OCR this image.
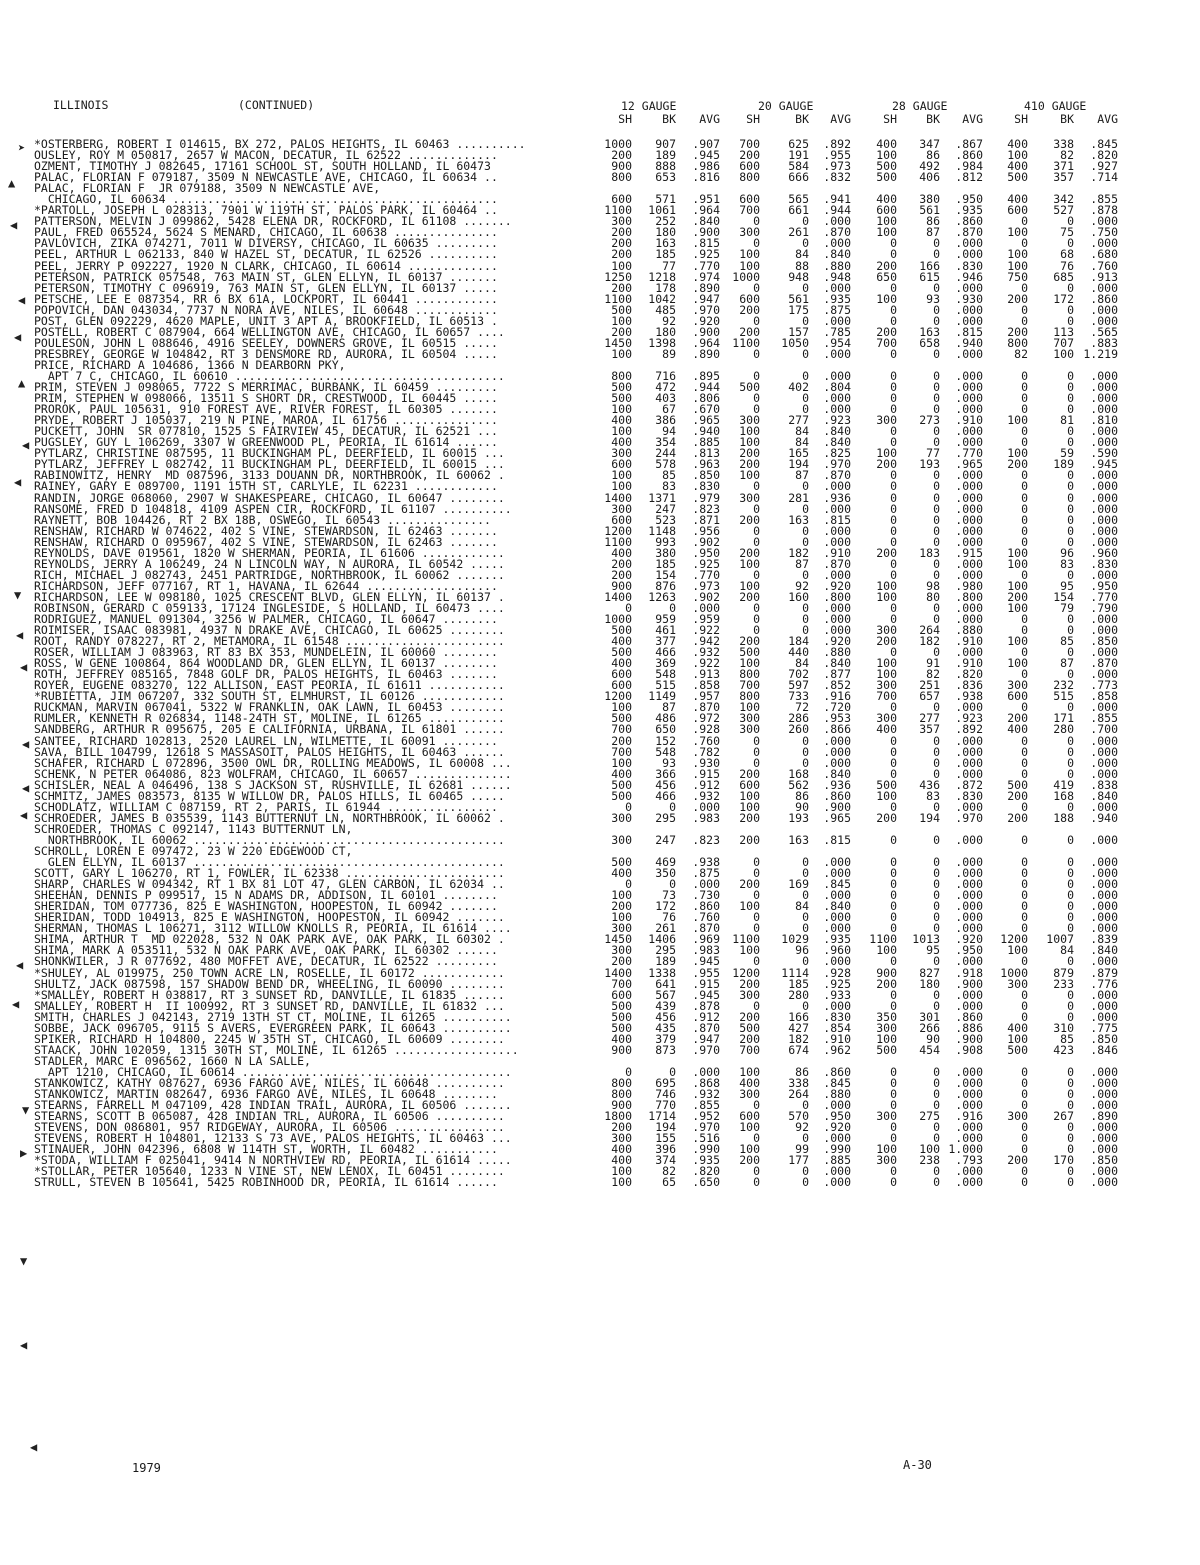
ILLINOIS	(CONTINUED)	12 GAUGE	20 GAUGE	28 GAUGE	410 GAUGE
SH	BK AVG	SH	BK AVG	SH	BK AVG	SH	BK AVG
*OSTERBERG, ROBERT I 014615, BX 272, PALOS HEIGHTS, IL 60463 ..........	1000 907 .907 700 625 .892 400 347 .867 400 338 .845
OUSLEY, ROY M 050817, 2657 W MACON, DECATUR, IL 62522 .............	200 189 .945 200 191 .955 100	86 .860 100	82 .820
OZMENT, TIMOTHY J 082645, 17161 SCHOOL ST, SOUTH HOLLAND, IL 60473	900 888 .986 600 584 .973 500 492 .984 400 371 .927
PALAC, FLORIAN F 079187, 3509 N NEWCASTLE AVE, CHICAGO, IL 60634 ..	800 653 .816 800 666 .832 500 406 .812 500 357 .714
PALAC, FLORIAN F  JR 079188, 3509 N NEWCASTLE AVE,
CHICAGO, IL 60634 ...............................................	600 571 .951 600 565 .941 400 380 .950 400 342 .855
*PARTOLL, JOSEPH L 028313, 7901 W 119TH ST, PALOS PARK, IL 60464 ..	1100 1061 .964 700 661 .944 600 561 .935 600 527 .878
PATTERSON, MELVIN J 099862, 5428 ELENA DR, ROCKFORD, IL 61108 .......	300 252 .840	0	0 .000 100	86 .860	0	0 .000
PAUL, FRED 065524, 5624 S MENARD, CHICAGO, IL 60638 ...............	200 180 .900 300 261 .870 100	87 .870 100	75 .750
PAVLOVICH, ZIKA 074271, 7011 W DIVERSY, CHICAGO, IL 60635 .........	200 163 .815	0	0 .000	0	0 .000	0	0 .000
PEEL, ARTHUR L 062133, 840 W HAZEL ST, DECATUR, IL 62526 ..........	200 185 .925 100	84 .840	0	0 .000 100	68 .680
PEEL, JERRY P 092227, 1920 N CLARK, CHICAGO, IL 60614 .............	100	77 .770 100	88 .880 200 166 .830 100	76 .760
PETERSON, PATRICK 057548, 763 MAIN ST, GLEN ELLYN, IL 60137 .......	1250 1218 .974 1000 948 .948 650 615 .946 750 685 .913
PETERSON, TIMOTHY C 096919, 763 MAIN ST, GLEN ELLYN, IL 60137 .....	200 178 .890	0	0 .000	0	0 .000	0	0 .000
PETSCHE, LEE E 087354, RR 6 BX 61A, LOCKPORT, IL 60441 ............	1100 1042 .947 600 561 .935 100	93 .930 200 172 .860
POPOVICH, DAN 043034, 7737 N NORA AVE, NILES, IL 60648 ............	500 485 .970 200 175 .875	0	0 .000	0	0 .000
POST, GLEN 092229, 4620 MAPLE, UNIT 3 APT A, BROOKFIELD, IL 60513 .	100	92 .920	0	0 .000	0	0 .000	0	0 .000
POSTELL, ROBERT C 087904, 664 WELLINGTON AVE, CHICAGO, IL 60657 ....	200 180 .900 200 157 .785 200 163 .815 200 113 .565
POULESON, JOHN L 088646, 4916 SEELEY, DOWNERS GROVE, IL 60515 .....	1450 1398 .964 1100 1050 .954 700 658 .940 800 707 .883
PRESBREY, GEORGE W 104842, RT 3 DENSMORE RD, AURORA, IL 60504 .....	100	89 .890	0	0 .000	0	0 .000	82 100 1.219
PRICE, RICHARD A 104686, 1366 N DEARBORN PKY,
APT 7 C, CHICAGO, IL 60610 .......................................	800 716 .895	0	0 .000	0	0 .000	0	0 .000
PRIM, STEVEN J 098065, 7722 S MERRIMAC, BURBANK, IL 60459 .........	500 472 .944 500 402 .804	0	0 .000	0	0 .000
PRIM, STEPHEN W 098066, 13511 S SHORT DR, CRESTWOOD, IL 60445 .....	500 403 .806	0	0 .000	0	0 .000	0	0 .000
PROROK, PAUL 105631, 910 FOREST AVE, RIVER FOREST, IL 60305 .......	100	67 .670	0	0 .000	0	0 .000	0	0 .000
PRYDE, ROBERT J 105037, 219 N PINE, MAROA, IL 61756 ...............	400 386 .965 300 277 .923 300 273 .910 100	81 .810
PUCKETT, JOHN  SR 077810, 1525 S FAIRVIEW 45, DECATUR, IL 62521 ...	100	94 .940 100	84 .840	0	0 .000	0	0 .000
PUGSLEY, GUY L 106269, 3307 W GREENWOOD PL, PEORIA, IL 61614 ......	400 354 .885 100	84 .840	0	0 .000	0	0 .000
PYTLARZ, CHRISTINE 087595, 11 BUCKINGHAM PL, DEERFIELD, IL 60015 ...	300 244 .813 200 165 .825 100	77 .770 100	59 .590
PYTLARZ, JEFFREY L 082742, 11 BUCKINGHAM PL, DEERFIELD, IL 60015 ...	600 578 .963 200 194 .970 200 193 .965 200 189 .945
RABINOWITZ, HENRY  MD 087596, 3133 DOUANN DR, NORTHBROOK, IL 60062 .	100	85 .850 100	87 .870	0	0 .000	0	0 .000
RAINEY, GARY E 089700, 1191 15TH ST, CARLYLE, IL 62231 ............	100	83 .830	0	0 .000	0	0 .000	0	0 .000
RANDIN, JORGE 068060, 2907 W SHAKESPEARE, CHICAGO, IL 60647 ........	1400 1371 .979 300 281 .936	0	0 .000	0	0 .000
RANSOME, FRED D 104818, 4109 ASPEN CIR, ROCKFORD, IL 61107 ..........	300 247 .823	0	0 .000	0	0 .000	0	0 .000
RAYNETT, BOB 104426, RT 2 BX 18B, OSWEGO, IL 60543 ...............	600 523 .871 200 163 .815	0	0 .000	0	0 .000
RENSHAW, RICHARD W 074622, 402 S VINE, STEWARDSON, IL 62463 .......	1200 1148 .956	0	0 .000	0	0 .000	0	0 .000
RENSHAW, RICHARD O 095967, 402 S VINE, STEWARDSON, IL 62463 .......	1100 993 .902	0	0 .000	0	0 .000	0	0 .000
REYNOLDS, DAVE 019561, 1820 W SHERMAN, PEORIA, IL 61606 ............	400 380 .950 200 182 .910 200 183 .915 100	96 .960
REYNOLDS, JERRY A 106249, 24 N LINCOLN WAY, N AURORA, IL 60542 .....	200 185 .925 100	87 .870	0	0 .000 100	83 .830
RICH, MICHAEL J 082743, 2451 PARTRIDGE, NORTHBROOK, IL 60062 .......	200 154 .770	0	0 .000	0	0 .000	0	0 .000
RICHARDSON, JEFF 077167, RT 1, HAVANA, IL 62644 ...................	900 876 .973 100	92 .920 100	98 .980 100	95 .950
RICHARDSON, LEE W 098180, 1025 CRESCENT BLVD, GLEN ELLYN, IL 60137 .	1400 1263 .902 200 160 .800 100	80 .800 200 154 .770
ROBINSON, GERARD C 059133, 17124 INGLESIDE, S HOLLAND, IL 60473 ....	0	0 .000	0	0 .000	0	0 .000 100	79 .790
RODRIGUEZ, MANUEL 091304, 3256 W PALMER, CHICAGO, IL 60647 ........	1000 959 .959	0	0 .000	0	0 .000	0	0 .000
ROIMISER, ISAAC 083981, 4937 N DRAKE AVE, CHICAGO, IL 60625 ........	500 461 .922	0	0 .000 300 264 .880	0	0 .000
ROOT, RANDY 078227, RT 2, METAMORA, IL 61548 .......................	400 377 .942 200 184 .920 200 182 .910 100	85 .850
ROSER, WILLIAM J 083963, RT 83 BX 353, MUNDELEIN, IL 60060 ........	500 466 .932 500 440 .880	0	0 .000	0	0 .000
ROSS, W GENE 100864, 864 WOODLAND DR, GLEN ELLYN, IL 60137 ........	400 369 .922 100	84 .840 100	91 .910 100	87 .870
ROTH, JEFFREY 085165, 7848 GOLF DR, PALOS HEIGHTS, IL 60463 .......	600 548 .913 800 702 .877 100	82 .820	0	0 .000
ROYER, EUGENE 083270, 122 ALLISON, EAST PEORIA, IL 61611 ...........	600 515 .858 700 597 .852 300 251 .836 300 232 .773
*RUBIETTA, JIM 067207, 332 SOUTH ST, ELMHURST, IL 60126 ............	1200 1149 .957 800 733 .916 700 657 .938 600 515 .858
RUCKMAN, MARVIN 067041, 5322 W FRANKLIN, OAK LAWN, IL 60453 ........	100	87 .870 100	72 .720	0	0 .000	0	0 .000
RUMLER, KENNETH R 026834, 1148-24TH ST, MOLINE, IL 61265 ...........	500 486 .972 300 286 .953 300 277 .923 200 171 .855
SANDBERG, ARTHUR R 095675, 205 E CALIFORNIA, URBANA, IL 61801 ......	700 650 .928 300 260 .866 400 357 .892 400 280 .700
SANTEE, RICHARD 102813, 2520 LAUREL LN, WILMETTE, IL 60091 ........	200 152 .760	0	0 .000	0	0 .000	0	0 .000
SAVA, BILL 104799, 12618 S MASSASOIT, PALOS HEIGHTS, IL 60463 ......	700 548 .782	0	0 .000	0	0 .000	0	0 .000
SCHAFER, RICHARD L 072896, 3500 OWL DR, ROLLING MEADOWS, IL 60008 ...	100	93 .930	0	0 .000	0	0 .000	0	0 .000
SCHENK, N PETER 064086, 823 WOLFRAM, CHICAGO, IL 60657 ..............	400 366 .915 200 168 .840	0	0 .000	0	0 .000
SCHISLER, NEAL A 046496, 138 S JACKSON ST, RUSHVILLE, IL 62681 ......	500 456 .912 600 562 .936 500 436 .872 500 419 .838
SCHMITZ, JAMES 083573, 8135 W WILLOW DR, PALOS HILLS, IL 60465 .....	500 466 .932 100	86 .860 100	83 .830 200 168 .840
SCHODLATZ, WILLIAM C 087159, RT 2, PARIS, IL 61944 ................	0	0 .000 100	90 .900	0	0 .000	0	0 .000
SCHROEDER, JAMES B 035539, 1143 BUTTERNUT LN, NORTHBROOK, IL 60062 .	300 295 .983 200 193 .965 200 194 .970 200 188 .940
SCHROEDER, THOMAS C 092147, 1143 BUTTERNUT LN,
NORTHBROOK, IL 60062 .............................................	300 247 .823 200 163 .815	0	0 .000	0	0 .000
SCHROLL, LOREN E 097472, 23 W 220 EDGEWOOD CT,
GLEN ELLYN, IL 60137 .............................................	500 469 .938	0	0 .000	0	0 .000	0	0 .000
SCOTT, GARY L 106270, RT 1, FOWLER, IL 62338 .......................	400 350 .875	0	0 .000	0	0 .000	0	0 .000
SHARP, CHARLES W 094342, RT 1 BX 81 LOT 47, GLEN CARBON, IL 62034 ..	0	0 .000 200 169 .845	0	0 .000	0	0 .000
SHEEHAN, DENNIS P 099517, 15 N ADAMS DR, ADDISON, IL 60101 ........	100	73 .730	0	0 .000	0	0 .000	0	0 .000
SHERIDAN, TOM 077736, 825 E WASHINGTON, HOOPESTON, IL 60942 .......	200 172 .860 100	84 .840	0	0 .000	0	0 .000
SHERIDAN, TODD 104913, 825 E WASHINGTON, HOOPESTON, IL 60942 .......	100	76 .760	0	0 .000	0	0 .000	0	0 .000
SHERMAN, THOMAS L 106271, 3112 WILLOW KNOLLS R, PEORIA, IL 61614 ....	300 261 .870	0	0 .000	0	0 .000	0	0 .000
SHIMA, ARTHUR T  MD 022028, 532 N OAK PARK AVE, OAK PARK, IL 60302 .	1450 1406 .969 1100 1029 .935 1100 1013 .920 1200 1007 .839
SHIMA, MARK A 053511, 532 N OAK PARK AVE, OAK PARK, IL 60302 ......	300 295 .983 100	96 .960 100	95 .950 100	84 .840
SHONKWILER, J R 077692, 480 MOFFET AVE, DECATUR, IL 62522 .........	200 189 .945	0	0 .000	0	0 .000	0	0 .000
*SHULEY, AL 019975, 250 TOWN ACRE LN, ROSELLE, IL 60172 ............	1400 1338 .955 1200 1114 .928 900 827 .918 1000 879 .879
SHULTZ, JACK 087598, 157 SHADOW BEND DR, WHEELING, IL 60090 ........	700 641 .915 200 185 .925 200 180 .900 300 233 .776
*SMALLEY, ROBERT H 038817, RT 3 SUNSET RD, DANVILLE, IL 61835 ......	600 567 .945 300 280 .933	0	0 .000	0	0 .000
SMALLEY, ROBERT H  II 100992, RT 3 SUNSET RD, DANVILLE, IL 61832 ...	500 439 .878	0	0 .000	0	0 .000	0	0 .000
SMITH, CHARLES J 042143, 2719 13TH ST CT, MOLINE, IL 61265 ..........	500 456 .912 200 166 .830 350 301 .860	0	0 .000
SOBBE, JACK 096705, 9115 S AVERS, EVERGREEN PARK, IL 60643 ..........	500 435 .870 500 427 .854 300 266 .886 400 310 .775
SPIKER, RICHARD H 104800, 2245 W 35TH ST, CHICAGO, IL 60609 ........	400 379 .947 200 182 .910 100	90 .900 100	85 .850
STAACK, JOHN 102059, 1315 30TH ST, MOLINE, IL 61265 ..................	900 873 .970 700 674 .962 500 454 .908 500 423 .846
STADLER, MARC E 096562, 1660 N LA SALLE,
APT 1210, CHICAGO, IL 60614 .......................................	0	0 .000 100	86 .860	0	0 .000	0	0 .000
STANKOWICZ, KATHY 087627, 6936 FARGO AVE, NILES, IL 60648 ..........	800 695 .868 400 338 .845	0	0 .000	0	0 .000
STANKOWICZ, MARTIN 082647, 6936 FARGO AVE, NILES, IL 60648 ........	800 746 .932 300 264 .880	0	0 .000	0	0 .000
STEARNS, FARRELL M 047109, 428 INDIAN TRAIL, AURORA, IL 60506 .......	900 770 .855	0	0 .000	0	0 .000	0	0 .000
STEARNS, SCOTT B 065087, 428 INDIAN TRL, AURORA, IL 60506 ..........	1800 1714 .952 600 570 .950 300 275 .916 300 267 .890
STEVENS, DON 086801, 957 RIDGEWAY, AURORA, IL 60506 ................	200 194 .970 100	92 .920	0	0 .000	0	0 .000
STEVENS, ROBERT H 104801, 12133 S 73 AVE, PALOS HEIGHTS, IL 60463 ...	300 155 .516	0	0 .000	0	0 .000	0	0 .000
STINAUER, JOHN 042396, 6808 W 114TH ST, WORTH, IL 60482 ...........	400 396 .990 100	99 .990 100 100 1.000	0	0 .000
*STODA, WILLIAM F 025041, 9414 N NORTHVIEW RD, PEORIA, IL 61614 .....	400 374 .935 200 177 .885 300 238 .793 200 170 .850
*STOLLAR, PETER 105640, 1233 N VINE ST, NEW LENOX, IL 60451 ........	100	82 .820	0	0 .000	0	0 .000	0	0 .000
STRULL, STEVEN B 105641, 5425 ROBINHOOD DR, PEORIA, IL 61614 ......	100	65 .650	0	0 .000	0	0 .000	0	0 .000
➤
▲
◀
◀
◀
▲
◀
◀
▼
◀
◀
◀
◀
◀
◀
◀
▼
▶
▼
◀
◀
1979	A-30
